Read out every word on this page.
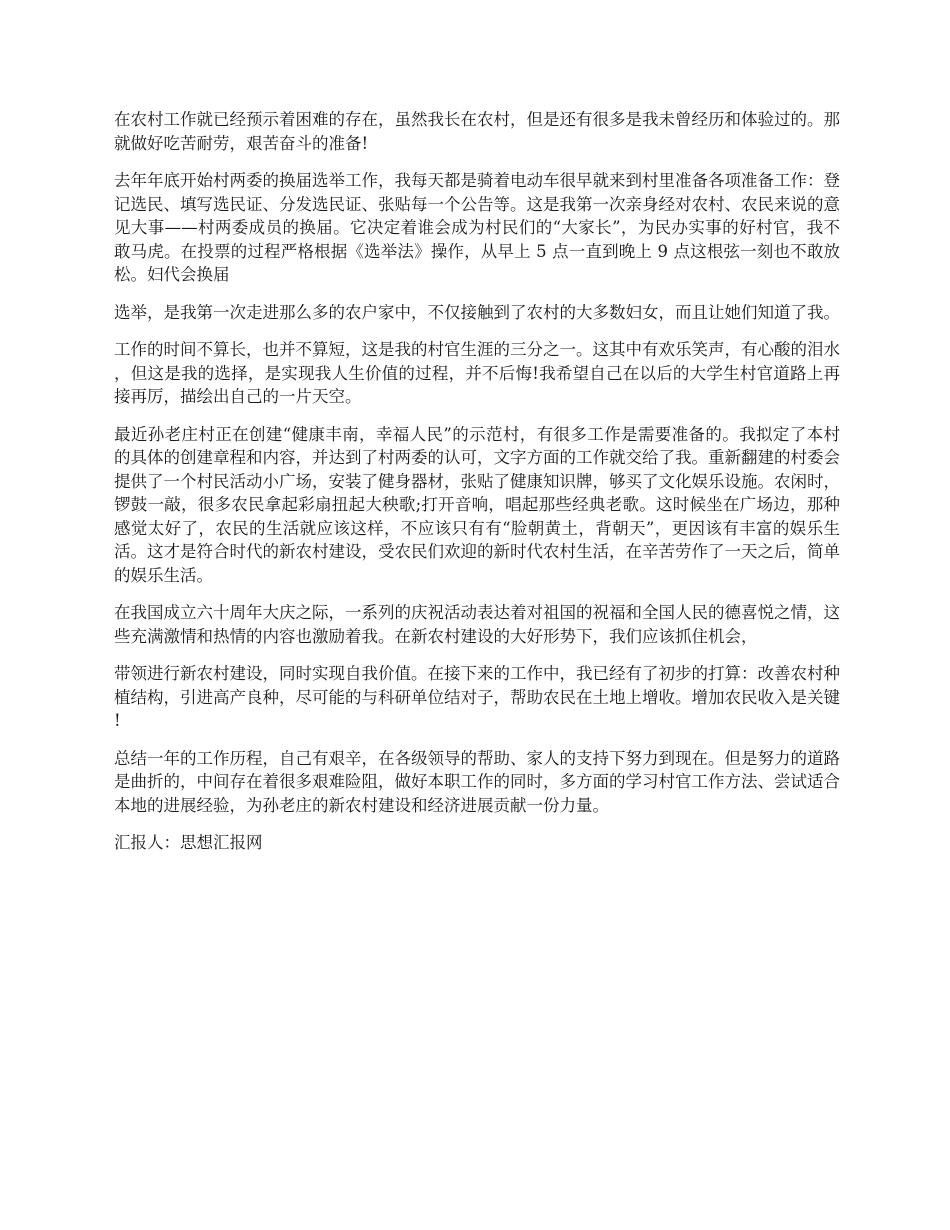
在农村工作就已经预示着困难的存在，虽然我长在农村，但是还有很多是我未曾经历和体验过的。那就做好吃苦耐劳，艰苦奋斗的准备!

去年年底开始村两委的换届选举工作，我每天都是骑着电动车很早就来到村里准备各项准备工作：登记选民、填写选民证、分发选民证、张贴每一个公告等。这是我第一次亲身经对农村、农民来说的意见大事——村两委成员的换届。它决定着谁会成为村民们的“大家长”，为民办实事的好村官，我不敢马虎。在投票的过程严格根据《选举法》操作，从早上 5 点一直到晚上 9 点这根弦一刻也不敢放松。妇代会换届

选举，是我第一次走进那么多的农户家中，不仅接触到了农村的大多数妇女，而且让她们知道了我。

工作的时间不算长，也并不算短，这是我的村官生涯的三分之一。这其中有欢乐笑声，有心酸的泪水，但这是我的选择，是实现我人生价值的过程，并不后悔!我希望自己在以后的大学生村官道路上再接再厉，描绘出自己的一片天空。

最近孙老庄村正在创建“健康丰南，幸福人民”的示范村，有很多工作是需要准备的。我拟定了本村的具体的创建章程和内容，并达到了村两委的认可，文字方面的工作就交给了我。重新翻建的村委会提供了一个村民活动小广场，安装了健身器材，张贴了健康知识牌，够买了文化娱乐设施。农闲时，锣鼓一敲，很多农民拿起彩扇扭起大秧歌;打开音响，唱起那些经典老歌。这时候坐在广场边，那种感觉太好了，农民的生活就应该这样，不应该只有有“脸朝黄土，背朝天”，更因该有丰富的娱乐生活。这才是符合时代的新农村建设，受农民们欢迎的新时代农村生活，在辛苦劳作了一天之后，简单的娱乐生活。

在我国成立六十周年大庆之际，一系列的庆祝活动表达着对祖国的祝福和全国人民的德喜悦之情，这些充满激情和热情的内容也激励着我。在新农村建设的大好形势下，我们应该抓住机会，

带领进行新农村建设，同时实现自我价值。在接下来的工作中，我已经有了初步的打算：改善农村种植结构，引进高产良种，尽可能的与科研单位结对子，帮助农民在土地上增收。增加农民收入是关键!

总结一年的工作历程，自己有艰辛，在各级领导的帮助、家人的支持下努力到现在。但是努力的道路是曲折的，中间存在着很多艰难险阻，做好本职工作的同时，多方面的学习村官工作方法、尝试适合本地的进展经验，为孙老庄的新农村建设和经济进展贡献一份力量。

汇报人：思想汇报网
